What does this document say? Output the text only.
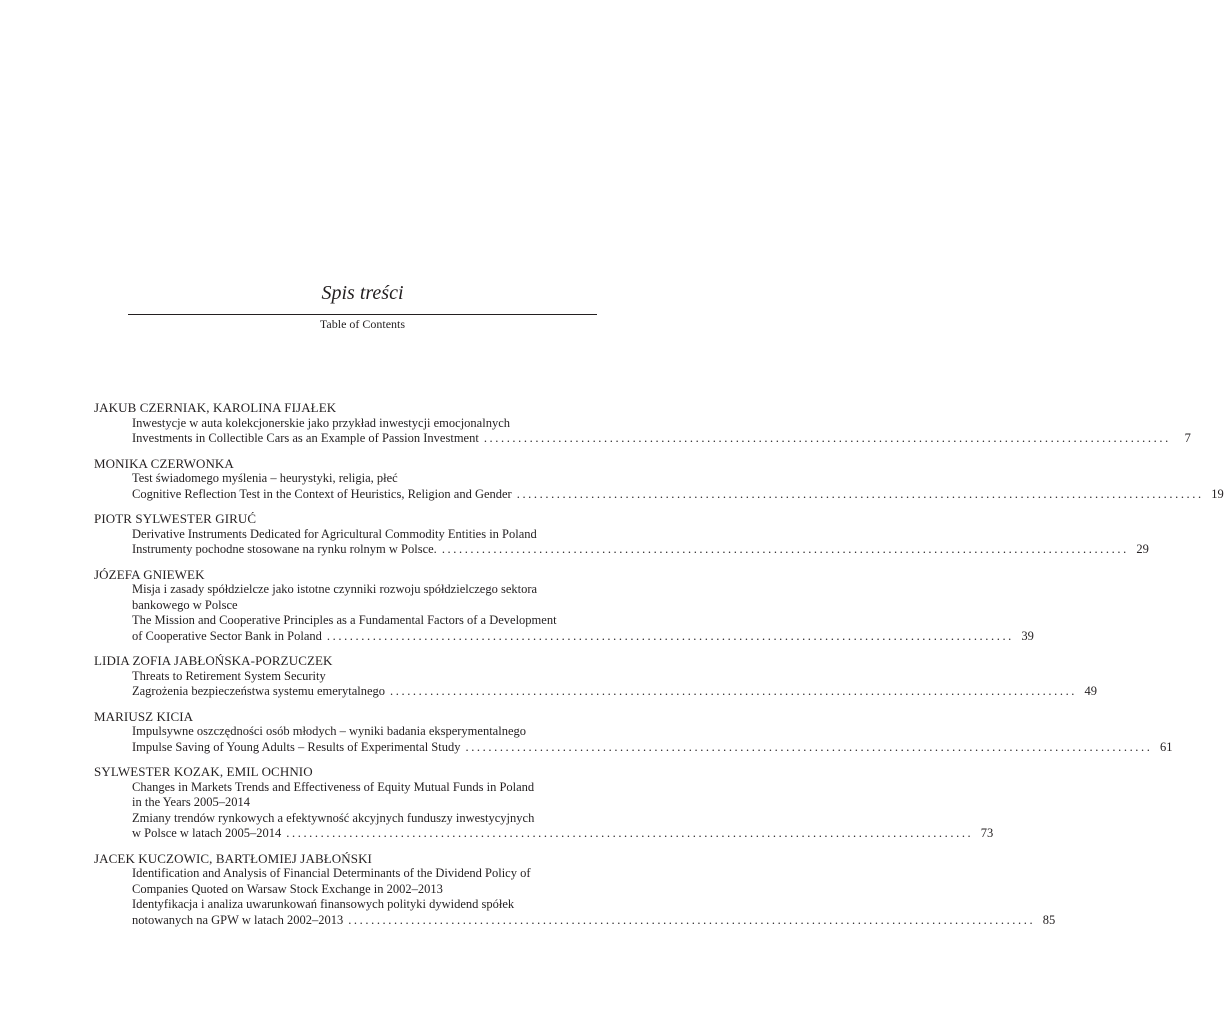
Spis treści
Table of Contents
JAKUB CZERNIAK, KAROLINA FIJAŁEK
Inwestycje w auta kolekcjonerskie jako przykład inwestycji emocjonalnych
Investments in Collectible Cars as an Example of Passion Investment ........................................................................................................................	7
MONIKA CZERWONKA
Test świadomego myślenia – heurystyki, religia, płeć
Cognitive Reflection Test in the Context of Heuristics, Religion and Gender ........................................................................................................................ 19
PIOTR SYLWESTER GIRUĆ
Derivative Instruments Dedicated for Agricultural Commodity Entities in Poland
Instrumenty pochodne stosowane na rynku rolnym w Polsce. ........................................................................................................................ 29
JÓZEFA GNIEWEK
Misja i zasady spółdzielcze jako istotne czynniki rozwoju spółdzielczego sektora
bankowego w Polsce
The Mission and Cooperative Principles as a Fundamental Factors of a Development
of Cooperative Sector Bank in Poland ........................................................................................................................ 39
LIDIA ZOFIA JABŁOŃSKA-PORZUCZEK
Threats to Retirement System Security
Zagrożenia bezpieczeństwa systemu emerytalnego ........................................................................................................................ 49
MARIUSZ KICIA
Impulsywne oszczędności osób młodych – wyniki badania eksperymentalnego
Impulse Saving of Young Adults – Results of Experimental Study ........................................................................................................................ 61
SYLWESTER KOZAK, EMIL OCHNIO
Changes in Markets Trends and Effectiveness of Equity Mutual Funds in Poland
in the Years 2005–2014
Zmiany trendów rynkowych a efektywność akcyjnych funduszy inwestycyjnych
w Polsce w latach 2005–2014 ........................................................................................................................ 73
JACEK KUCZOWIC, BARTŁOMIEJ JABŁOŃSKI
Identification and Analysis of Financial Determinants of the Dividend Policy of
Companies Quoted on Warsaw Stock Exchange in 2002–2013
Identyfikacja i analiza uwarunkowań finansowych polityki dywidend spółek
notowanych na GPW w latach 2002–2013 ........................................................................................................................ 85
